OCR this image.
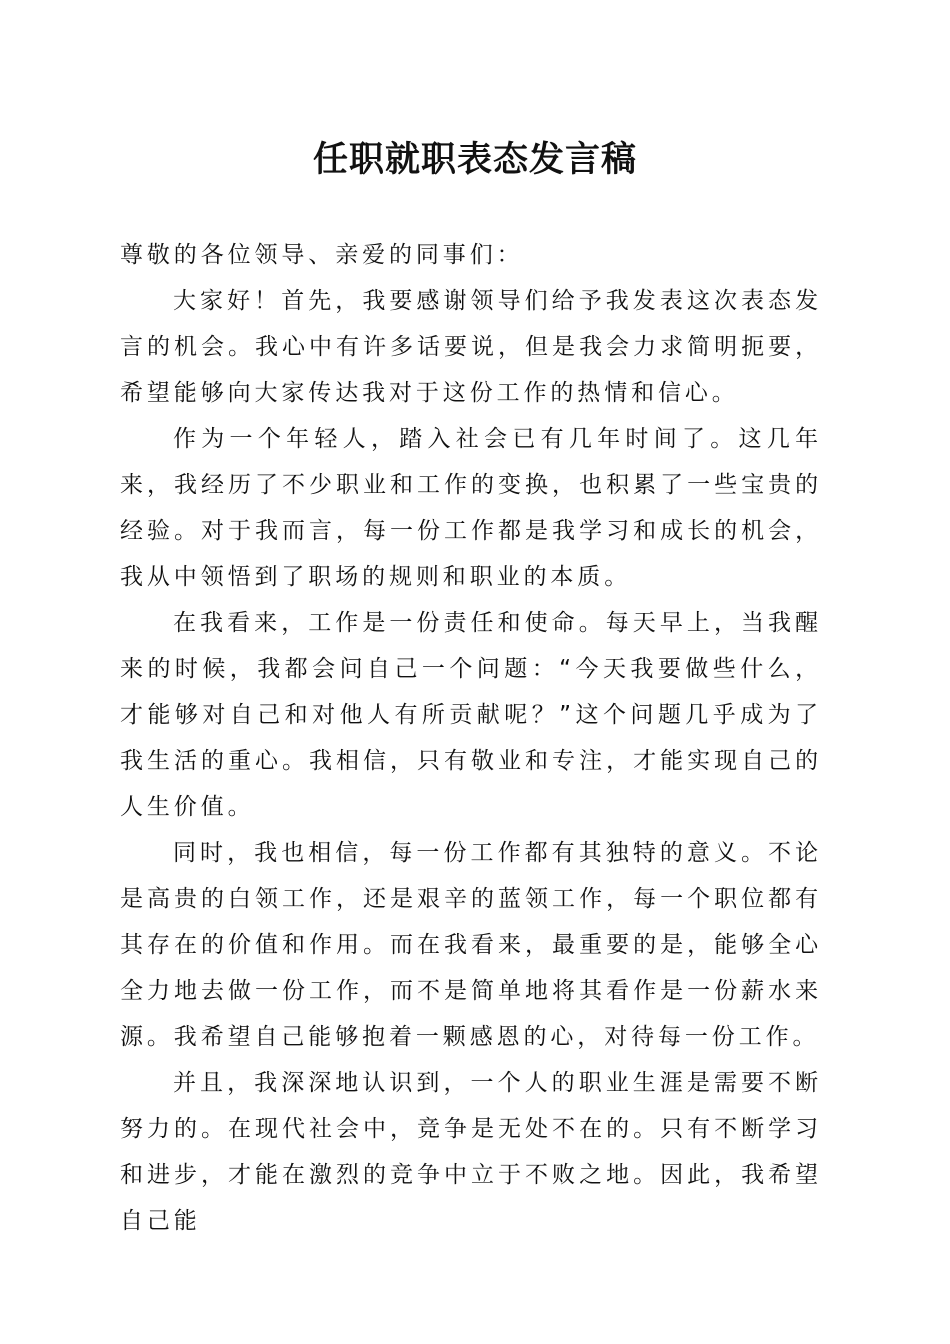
任职就职表态发言稿

尊敬的各位领导、亲爱的同事们：

大家好！首先，我要感谢领导们给予我发表这次表态发言的机会。我心中有许多话要说，但是我会力求简明扼要，希望能够向大家传达我对于这份工作的热情和信心。

作为一个年轻人，踏入社会已有几年时间了。这几年来，我经历了不少职业和工作的变换，也积累了一些宝贵的经验。对于我而言，每一份工作都是我学习和成长的机会，我从中领悟到了职场的规则和职业的本质。

在我看来，工作是一份责任和使命。每天早上，当我醒来的时候，我都会问自己一个问题：“今天我要做些什么，才能够对自己和对他人有所贡献呢？”这个问题几乎成为了我生活的重心。我相信，只有敬业和专注，才能实现自己的人生价值。

同时，我也相信，每一份工作都有其独特的意义。不论是高贵的白领工作，还是艰辛的蓝领工作，每一个职位都有其存在的价值和作用。而在我看来，最重要的是，能够全心全力地去做一份工作，而不是简单地将其看作是一份薪水来源。我希望自己能够抱着一颗感恩的心，对待每一份工作。

并且，我深深地认识到，一个人的职业生涯是需要不断努力的。在现代社会中，竞争是无处不在的。只有不断学习和进步，才能在激烈的竞争中立于不败之地。因此，我希望自己能
